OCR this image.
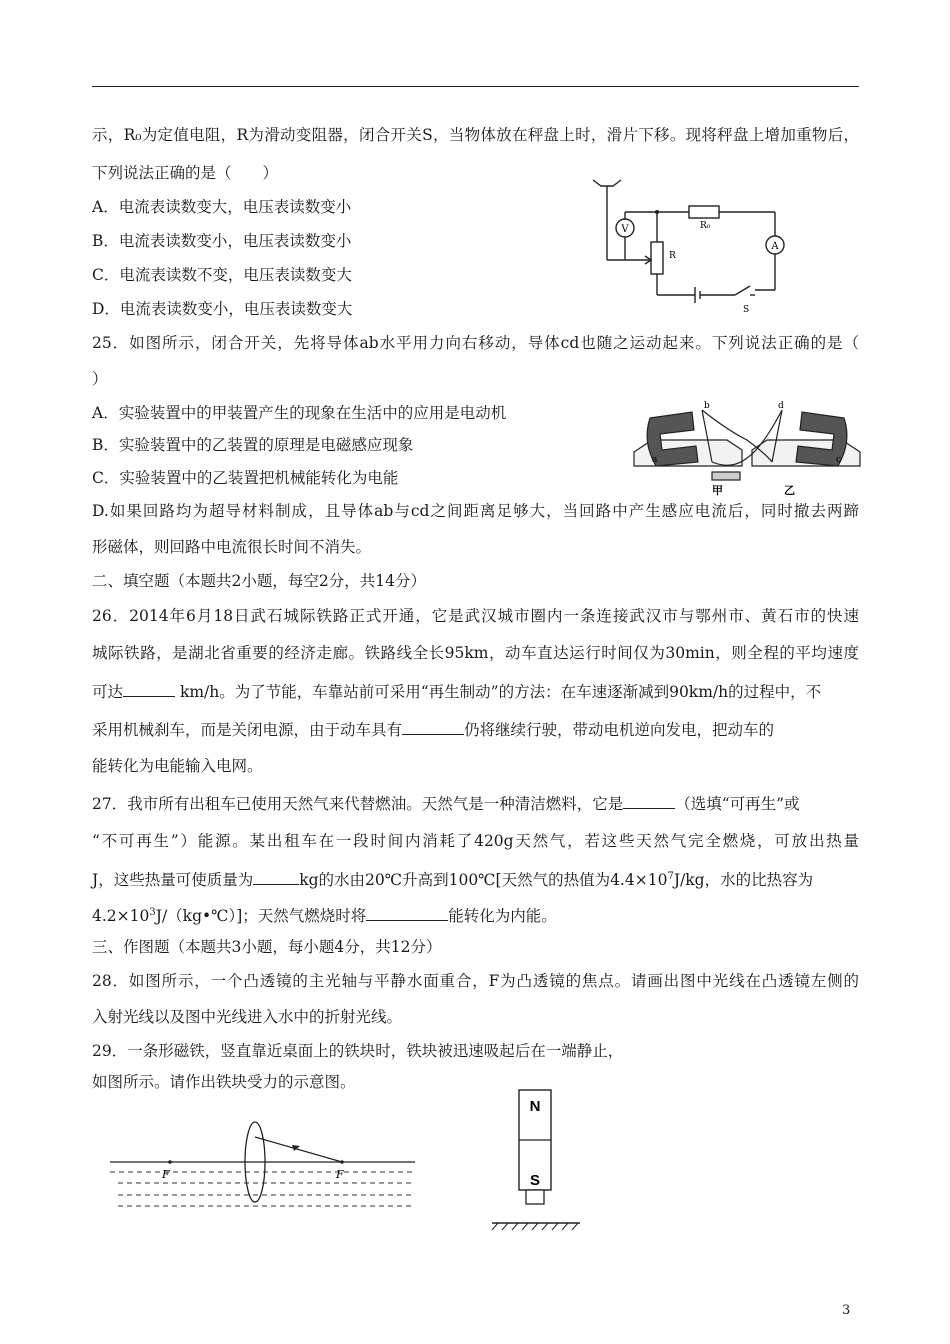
示，R₀为定值电阻，R为滑动变阻器，闭合开关S，当物体放在秤盘上时，滑片下移。现将秤盘上增加重物后，
下列说法正确的是（　　）
A．电流表读数变大，电压表读数变小
B．电流表读数变小，电压表读数变小
C．电流表读数不变，电压表读数变大
D．电流表读数变小，电压表读数变大
V
A
R₀
R
S
25．如图所示，闭合开关，先将导体ab水平用力向右移动，导体cd也随之运动起来。下列说法正确的是（
）
A．实验装置中的甲装置产生的现象在生活中的应用是电动机
B．实验装置中的乙装置的原理是电磁感应现象
C．实验装置中的乙装置把机械能转化为电能
D.如果回路均为超导材料制成，且导体ab与cd之间距离足够大，当回路中产生感应电流后，同时撤去两蹄
形磁体，则回路中电流很长时间不消失。
b	d
a	c
甲	乙
二、填空题（本题共2小题，每空2分，共14分）
26．2014年6月18日武石城际铁路正式开通，它是武汉城市圈内一条连接武汉市与鄂州市、黄石市的快速
城际铁路，是湖北省重要的经济走廊。铁路线全长95km，动车直达运行时间仅为30min，则全程的平均速度
可达	km/h。为了节能，车靠站前可采用“再生制动”的方法：在车速逐渐减到90km/h的过程中，不
采用机械刹车，而是关闭电源，由于动车具有	仍将继续行驶，带动电机逆向发电，把动车的
能转化为电能输入电网。
27．我市所有出租车已使用天然气来代替燃油。天然气是一种清洁燃料，它是	（选填“可再生”或
“不可再生”）能源。某出租车在一段时间内消耗了420g天然气，若这些天然气完全燃烧，可放出热量
J，这些热量可使质量为	kg的水由20℃升高到100℃[天然气的热值为$4.4\times 10^7J/kg$，水的比热容为
$4.2\times 10^3J/(kg•℃)$]；天然气燃烧时将	能转化为内能。
三、作图题（本题共3小题，每小题4分，共12分）
28．如图所示，一个凸透镜的主光轴与平静水面重合，F为凸透镜的焦点。请画出图中光线在凸透镜左侧的
入射光线以及图中光线进入水中的折射光线。
29．一条形磁铁，竖直靠近桌面上的铁块时，铁块被迅速吸起后在一端静止，
如图所示。请作出铁块受力的示意图。
F	F
N
S
3
